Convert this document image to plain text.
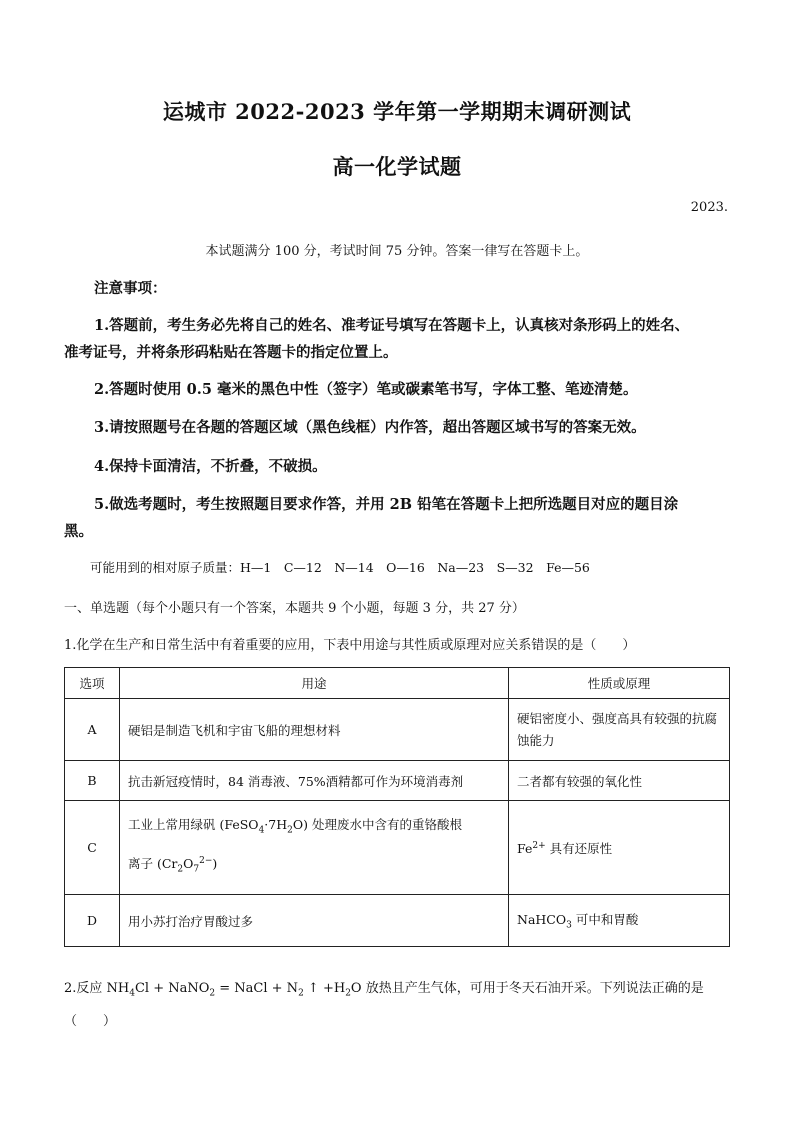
运城市 2022-2023 学年第一学期期末调研测试
高一化学试题
2023.
本试题满分 100 分，考试时间 75 分钟。答案一律写在答题卡上。
注意事项：
1.答题前，考生务必先将自己的姓名、准考证号填写在答题卡上，认真核对条形码上的姓名、
准考证号，并将条形码粘贴在答题卡的指定位置上。
2.答题时使用 0.5 毫米的黑色中性（签字）笔或碳素笔书写，字体工整、笔迹清楚。
3.请按照题号在各题的答题区域（黑色线框）内作答，超出答题区域书写的答案无效。
4.保持卡面清洁，不折叠，不破损。
5.做选考题时，考生按照题目要求作答，并用 2B 铅笔在答题卡上把所选题目对应的题目涂
黑。
可能用到的相对原子质量：H—1　C—12　N—14　O—16　Na—23　S—32　Fe—56
一、单选题（每个小题只有一个答案，本题共 9 个小题，每题 3 分，共 27 分）
1.化学在生产和日常生活中有着重要的应用，下表中用途与其性质或原理对应关系错误的是（　　）
选项	用途	性质或原理
A	硬铝是制造飞机和宇宙飞船的理想材料	硬铝密度小、强度高具有较强的抗腐蚀能力
B	抗击新冠疫情时，84 消毒液、75%酒精都可作为环境消毒剂	二者都有较强的氧化性
C	工业上常用绿矾 $(FeSO_4\cdot 7H_2O)$ 处理废水中含有的重铬酸根
离子 $(Cr_2O_7^{2-})$	$Fe^{2+}$ 具有还原性
D	用小苏打治疗胃酸过多	NaHCO$_3$ 可中和胃酸
2.反应 $NH_4Cl$ + NaNO$_2$ = NaCl + $N_2$ ↑ $+H_2O$ 放热且产生气体，可用于冬天石油开采。下列说法正确的是
（　　）
